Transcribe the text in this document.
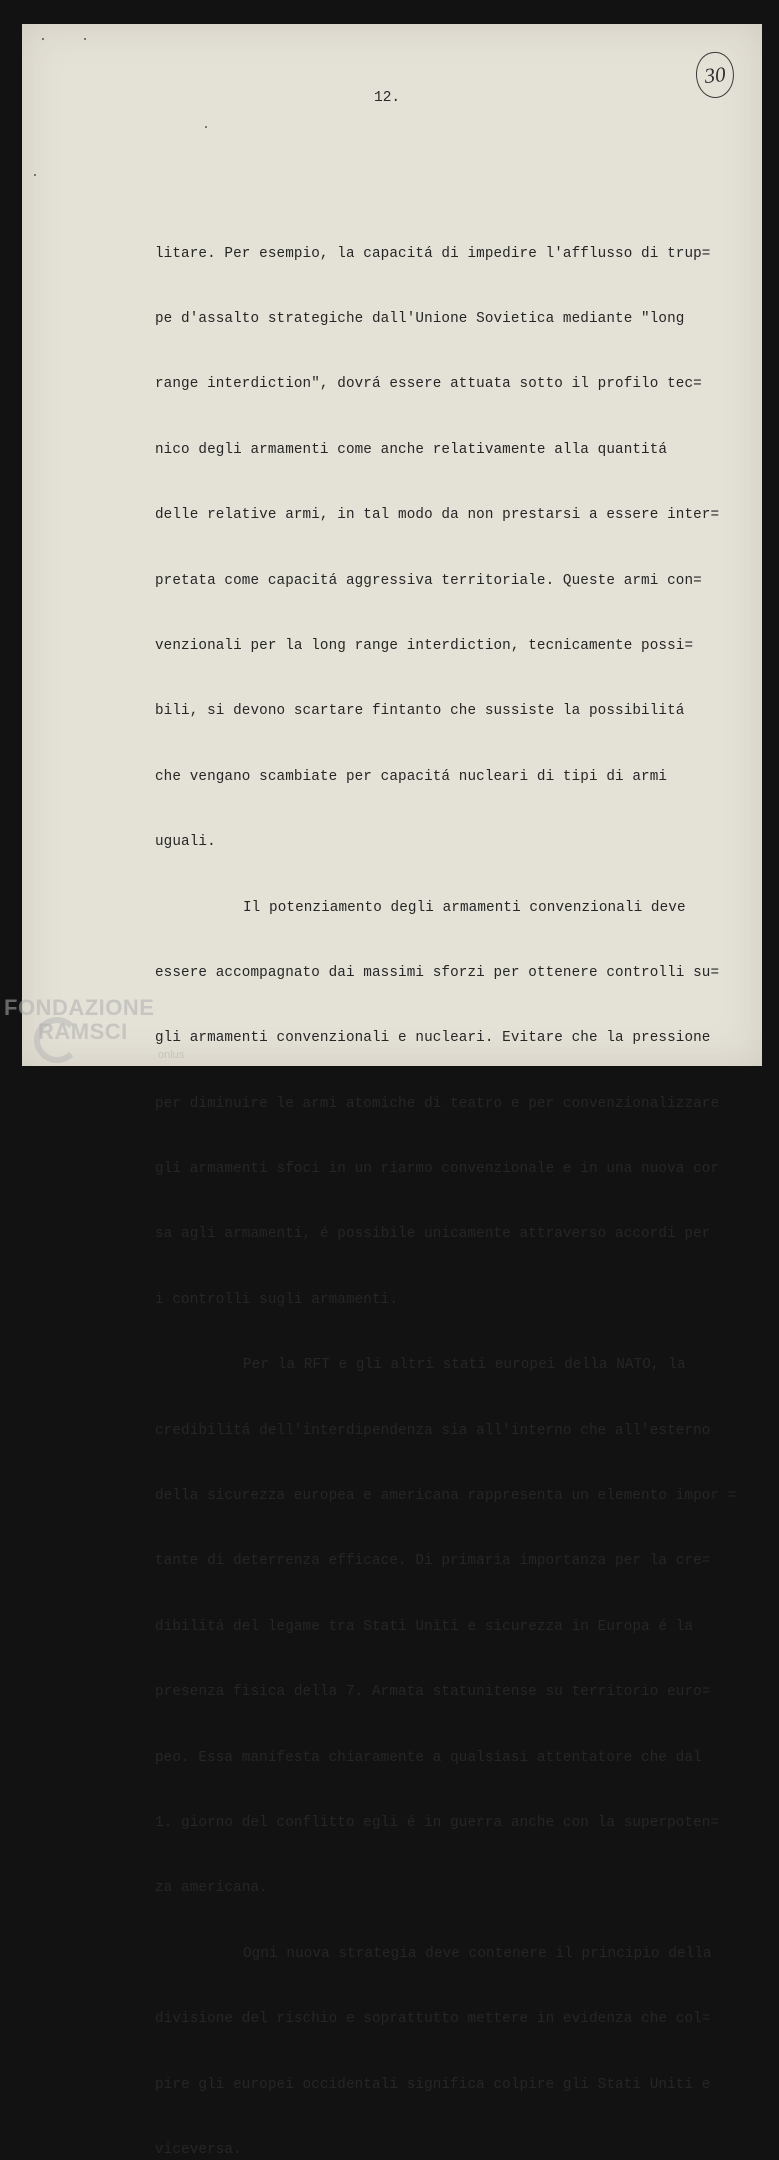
12.
30

litare. Per esempio, la capacitá di impedire l'afflusso di trup=

pe d'assalto strategiche dall'Unione Sovietica mediante "long

range interdiction", dovrá essere attuata sotto il profilo tec=

nico degli armamenti come anche relativamente alla quantitá

delle relative armi, in tal modo da non prestarsi a essere inter=

pretata come capacitá aggressiva territoriale. Queste armi con=

venzionali per la long range interdiction, tecnicamente possi=

bili, si devono scartare fintanto che sussiste la possibilitá

che vengano scambiate per capacitá nucleari di tipi di armi

uguali.

Il potenziamento degli armamenti convenzionali deve

essere accompagnato dai massimi sforzi per ottenere controlli su=

gli armamenti convenzionali e nucleari. Evitare che la pressione

per diminuire le armi atomiche di teatro e per convenzionalizzare

gli armamenti sfoci in un riarmo convenzionale e in una nuova cor

sa agli armamenti, é possibile unicamente attraverso accordi per

i controlli sugli armamenti.

Per la RFT e gli altri stati europei della NATO, la

credibilitá dell'interdipendenza sia all'interno che all'esterno

della sicurezza europea e americana rappresenta un elemento impor =

tante di deterrenza efficace. Di primaria importanza per la cre=

dibilitá del legame tra Stati Uniti e sicurezza in Europa é la

presenza fisica della 7. Armata statunitense su territorio euro=

peo. Essa manifesta chiaramente a qualsiasi attentatore che dal

1. giorno del conflitto egli é in guerra anche con la superpoten=

za americana.

Ogni nuova strategia deve contenere il principio della

divisione del rischio e soprattutto mettere in evidenza che col=

pire gli europei occidentali significa colpire gli Stati Uniti e

viceversa.

FONDAZIONE
RAMSCI
onlus
